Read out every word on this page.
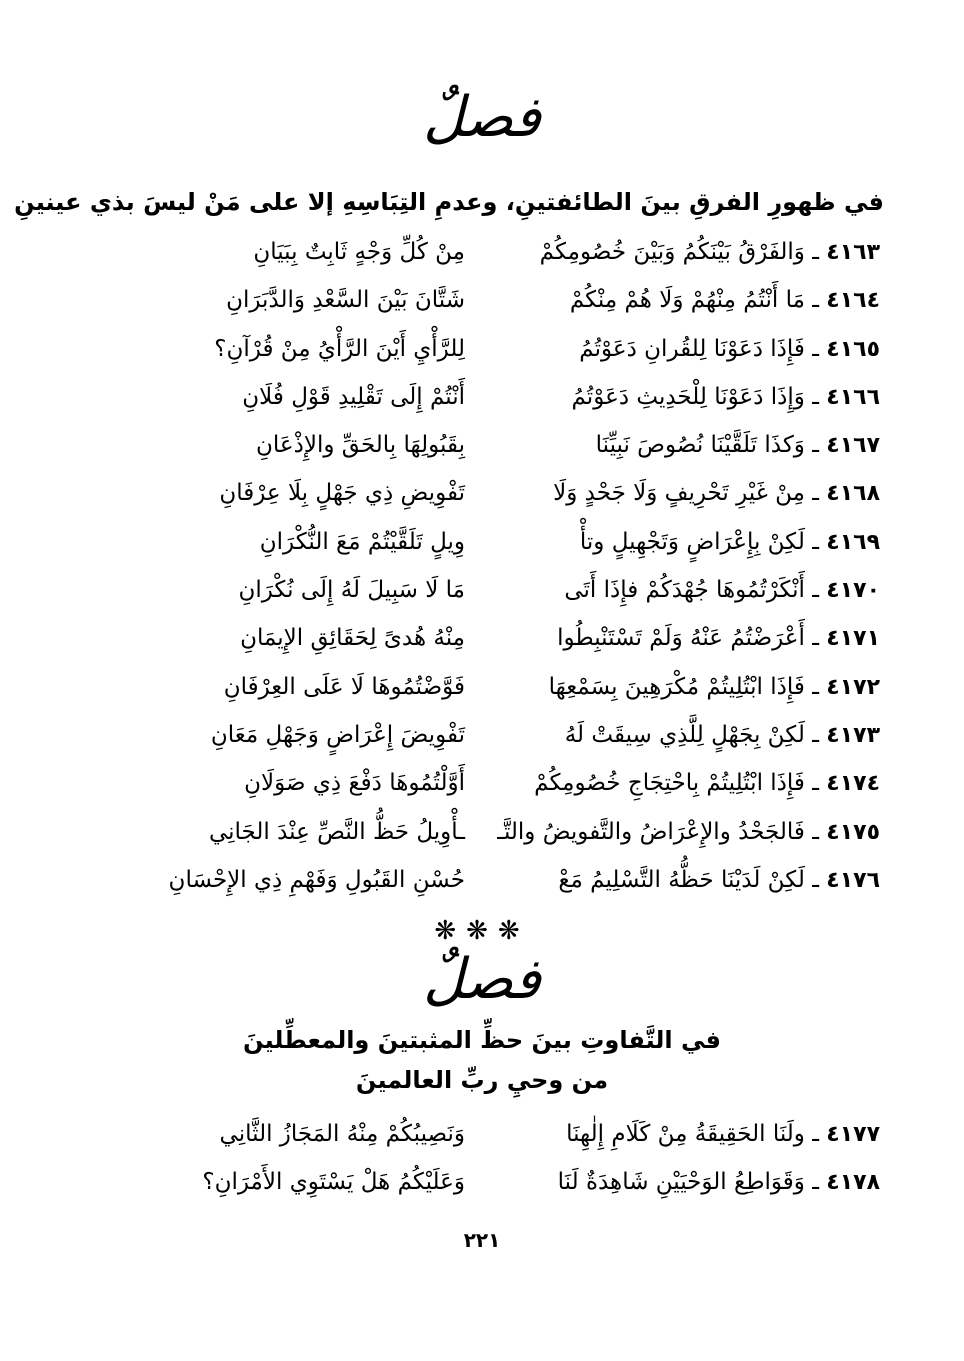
فصلٌ
في ظهورِ الفرقِ بينَ الطائفتينِ، وعدمِ التِبَاسِهِ إلا على مَنْ ليسَ بذي عينينِ
٤١٦٣ ـ وَالفَرْقُ بَيْنَكُمُ وَبَيْنَ خُصُومِكُمْ
مِنْ كُلِّ وَجْهٍ ثَابِتٌ بِبَيَانِ
٤١٦٤ ـ مَا أَنْتُمُ مِنْهُمْ وَلَا هُمْ مِنْكُمْ
شَتَّانَ بَيْنَ السَّعْدِ وَالدَّبَرَانِ
٤١٦٥ ـ فَإِذَا دَعَوْنَا لِلقُرانِ دَعَوْتُمُ
لِلرَّأْيِ أَيْنَ الرَّأْيُ مِنْ قُرْآنِ؟
٤١٦٦ ـ وَإِذَا دَعَوْنَا لِلْحَدِيثِ دَعَوْتُمُ
أَنْتُمْ إِلَى تَقْلِيدِ قَوْلِ فُلَانِ
٤١٦٧ ـ وَكذَا تَلَقَّيْنَا نُصُوصَ نَبِيِّنَا
بِقَبُولِهَا بِالحَقِّ والإِذْعَانِ
٤١٦٨ ـ مِنْ غَيْرِ تَحْرِيفٍ وَلَا جَحْدٍ وَلَا
تَفْوِيضِ ذِي جَهْلٍ بِلَا عِرْفَانِ
٤١٦٩ ـ لَكِنْ بِإِعْرَاضٍ وَتَجْهِيلٍ وتأْ
وِيلٍ تَلَقَّيْتُمْ مَعَ النُّكْرَانِ
٤١٧٠ ـ أَنْكَرْتُمُوهَا جُهْدَكُمْ فإِذَا أَتَى
مَا لَا سَبِيلَ لَهُ إِلَى نُكْرَانِ
٤١٧١ ـ أَعْرَضْتُمُ عَنْهُ وَلَمْ تَسْتَنْبِطُوا
مِنْهُ هُدىً لِحَقَائِقِ الإِيمَانِ
٤١٧٢ ـ فَإِذَا ابْتُلِيتُمْ مُكْرَهِينَ بِسَمْعِهَا
فَوَّضْتُمُوهَا لَا عَلَى العِرْفَانِ
٤١٧٣ ـ لَكِنْ بِجَهْلٍ لِلَّذِي سِيقَتْ لَهُ
تَفْوِيضَ إِعْرَاضٍ وَجَهْلِ مَعَانِ
٤١٧٤ ـ فَإِذَا ابْتُلِيتُمْ بِاحْتِجَاجِ خُصُومِكُمْ
أَوَّلْتُمُوهَا دَفْعَ ذِي صَوَلَانِ
٤١٧٥ ـ فَالجَحْدُ والإِعْرَاضُ والتَّفويضُ والتَّـ
ـأْوِيلُ حَظُّ النَّصِّ عِنْدَ الجَانِي
٤١٧٦ ـ لَكِنْ لَدَيْنَا حَظُّهُ التَّسْلِيمُ مَعْ
حُسْنِ القَبُولِ وَفَهْمِ ذِي الإِحْسَانِ
❋❋❋
فصلٌ
في التَّفاوتِ بينَ حظِّ المثبتينَ والمعطِّلينَ
من وحيِ ربِّ العالمينَ
٤١٧٧ ـ ولَنَا الحَقِيقَةُ مِنْ كَلَامِ إِلٰهِنَا
وَنَصِيبُكُمْ مِنْهُ المَجَازُ الثَّانِي
٤١٧٨ ـ وَقَوَاطِعُ الوَحْيَيْنِ شَاهِدَةٌ لَنَا
وَعَلَيْكُمُ هَلْ يَسْتَوِي الأَمْرَانِ؟
٢٢١
